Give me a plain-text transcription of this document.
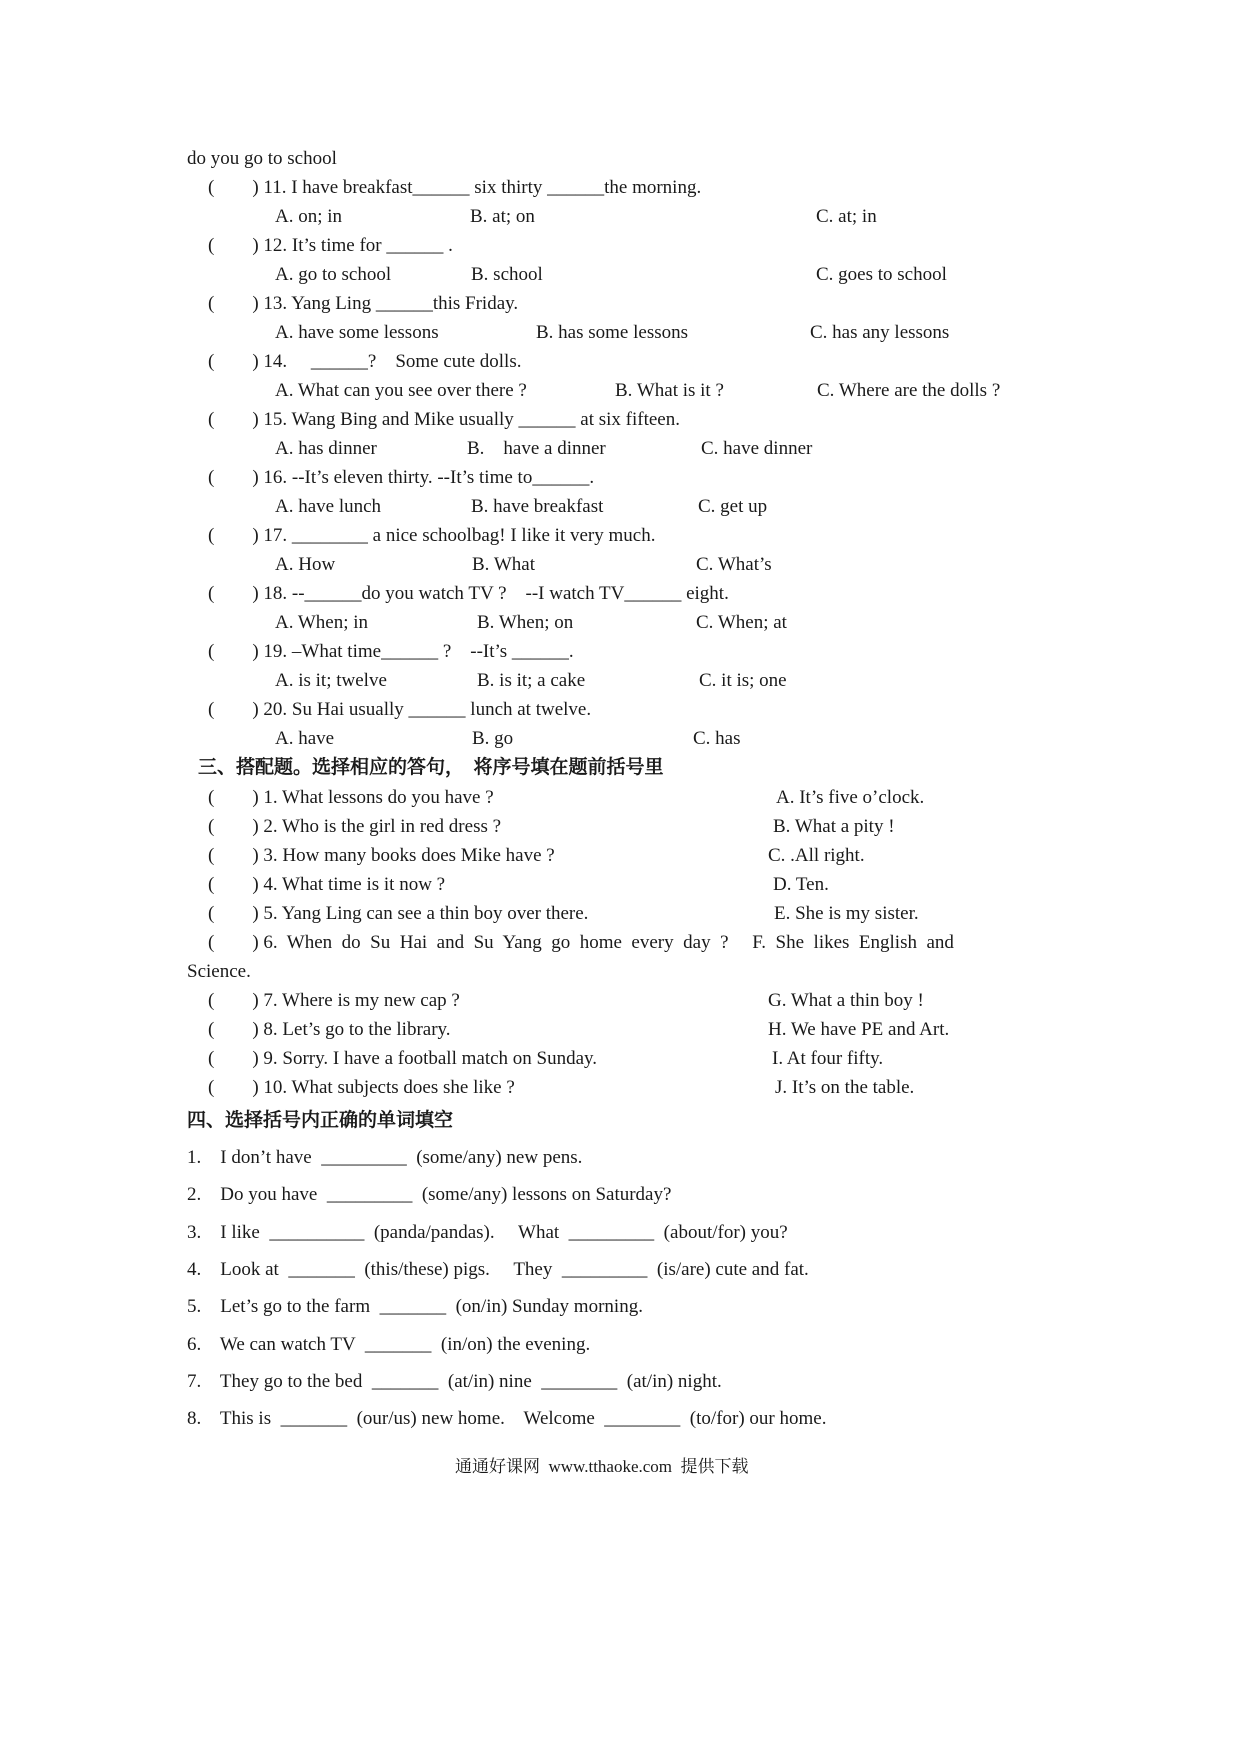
do you go to school
(        ) 11. I have breakfast______ six thirty ______the morning.
A. on; in	B. at; on	C. at; in
(        ) 12. It’s time for ______ .
A. go to school	B. school	C. goes to school
(        ) 13. Yang Ling ______this Friday.
A. have some lessons	B. has some lessons	C. has any lessons
(        ) 14.     ______?    Some cute dolls.
A. What can you see over there ?	B. What is it ?	C. Where are the dolls ?
(        ) 15. Wang Bing and Mike usually ______ at six fifteen.
A. has dinner	B.    have a dinner	C. have dinner
(        ) 16. --It’s eleven thirty. --It’s time to______.
A. have lunch	B. have breakfast	C. get up
(        ) 17. ________ a nice schoolbag! I like it very much.
A. How	B. What	C. What’s
(        ) 18. --______do you watch TV ?    --I watch TV______ eight.
A. When; in	B. When; on	C. When; at
(        ) 19. –What time______ ?    --It’s ______.
A. is it; twelve	B. is it; a cake	C. it is; one
(        ) 20. Su Hai usually ______ lunch at twelve.
A. have	B. go	C. has
三、搭配题。选择相应的答句，  将序号填在题前括号里
(        ) 1. What lessons do you have ?	A. It’s five o’clock.
(        ) 2. Who is the girl in red dress ?	B. What a pity !
(        ) 3. How many books does Mike have ?	C. .All right.
(        ) 4. What time is it now ?	D. Ten.
(        ) 5. Yang Ling can see a thin boy over there.	E. She is my sister.
(        ) 6.  When  do  Su  Hai  and  Su  Yang  go  home  every  day  ?     F.  She  likes  English  and
Science.
(        ) 7. Where is my new cap ?	G. What a thin boy !
(        ) 8. Let’s go to the library.	H. We have PE and Art.
(        ) 9. Sorry. I have a football match on Sunday.	I. At four fifty.
(        ) 10. What subjects does she like ?	J. It’s on the table.
四、选择括号内正确的单词填空
1.    I don’t have  _________  (some/any) new pens.
2.    Do you have  _________  (some/any) lessons on Saturday?
3.    I like  __________  (panda/pandas).     What  _________  (about/for) you?
4.    Look at  _______  (this/these) pigs.     They  _________  (is/are) cute and fat.
5.    Let’s go to the farm  _______  (on/in) Sunday morning.
6.    We can watch TV  _______  (in/on) the evening.
7.    They go to the bed  _______  (at/in) nine  ________  (at/in) night.
8.    This is  _______  (our/us) new home.    Welcome  ________  (to/for) our home.
通通好课网  www.tthaoke.com  提供下载
